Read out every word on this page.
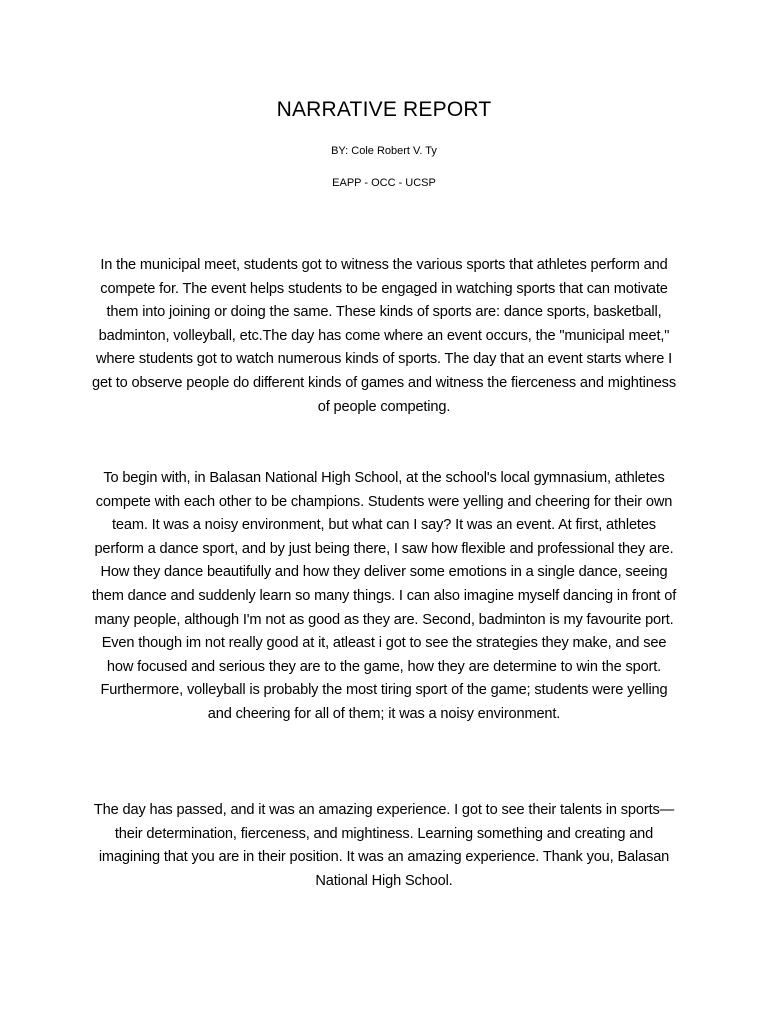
NARRATIVE REPORT
BY: Cole Robert V. Ty
EAPP - OCC - UCSP

In the municipal meet, students got to witness the various sports that athletes perform and compete for. The event helps students to be engaged in watching sports that can motivate them into joining or doing the same. These kinds of sports are: dance sports, basketball, badminton, volleyball, etc.The day has come where an event occurs, the "municipal meet," where students got to watch numerous kinds of sports. The day that an event starts where I get to observe people do different kinds of games and witness the fierceness and mightiness of people competing.

To begin with, in Balasan National High School, at the school's local gymnasium, athletes compete with each other to be champions. Students were yelling and cheering for their own team. It was a noisy environment, but what can I say? It was an event. At first, athletes perform a dance sport, and by just being there, I saw how flexible and professional they are. How they dance beautifully and how they deliver some emotions in a single dance, seeing them dance and suddenly learn so many things. I can also imagine myself dancing in front of many people, although I'm not as good as they are. Second, badminton is my favourite port. Even though im not really good at it, atleast i got to see the strategies they make, and see how focused and serious they are to the game, how they are determine to win the sport. Furthermore, volleyball is probably the most tiring sport of the game; students were yelling and cheering for all of them; it was a noisy environment.

The day has passed, and it was an amazing experience. I got to see their talents in sports—their determination, fierceness, and mightiness. Learning something and creating and imagining that you are in their position. It was an amazing experience. Thank you, Balasan National High School.
